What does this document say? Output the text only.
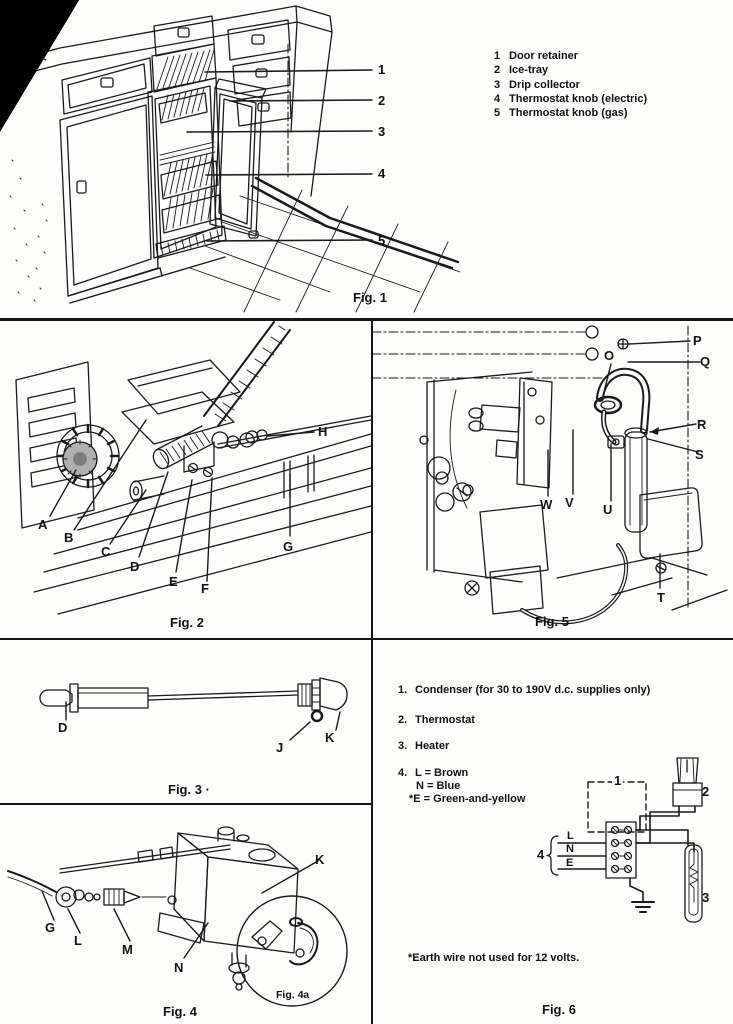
1
2
3
4
5
Fig. 1
1 Door retainer
2 Ice-tray
3 Drip collector
4 Thermostat knob (electric)
5 Thermostat knob (gas)
A
B
C
D
E F
G
H
Fig. 2
D
J
K
Fig. 3 ·
G
L
M
N
K
Fig. 4a
Fig. 4
O
P
Q
R
S
T
U
V
W
Fig. 5
1. Condenser (for 30 to 190V d.c. supplies only)
2. Thermostat
3. Heater
4. L = Brown
N = Blue
*E = Green-and-yellow
1
2
3
4
L
N
E
*Earth wire not used for 12 volts.
Fig. 6
